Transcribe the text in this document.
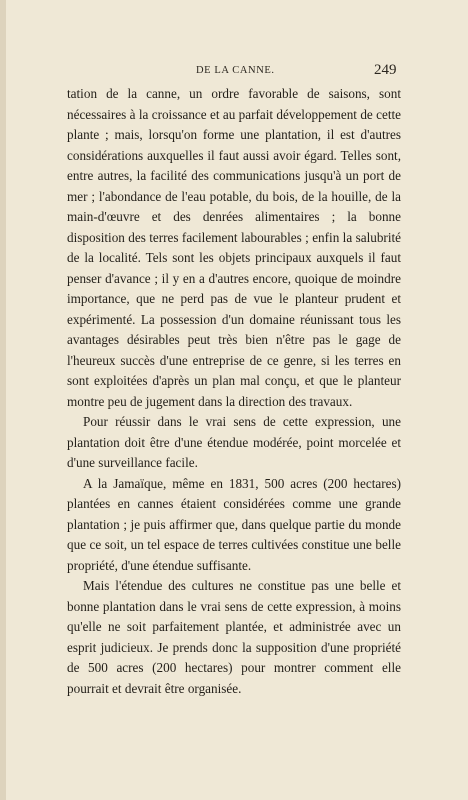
DE LA CANNE.	249

tation de la canne, un ordre favorable de saisons, sont nécessaires à la croissance et au parfait développement de cette plante ; mais, lorsqu'on forme une plantation, il est d'autres considérations auxquelles il faut aussi avoir égard. Telles sont, entre autres, la facilité des communications jusqu'à un port de mer ; l'abondance de l'eau potable, du bois, de la houille, de la main-d'œuvre et des denrées alimentaires ; la bonne disposition des terres facilement labourables ; enfin la salubrité de la localité. Tels sont les objets principaux auxquels il faut penser d'avance ; il y en a d'autres encore, quoique de moindre importance, que ne perd pas de vue le planteur prudent et expérimenté. La possession d'un domaine réunissant tous les avantages désirables peut très bien n'être pas le gage de l'heureux succès d'une entreprise de ce genre, si les terres en sont exploitées d'après un plan mal conçu, et que le planteur montre peu de jugement dans la direction des travaux.

Pour réussir dans le vrai sens de cette expression, une plantation doit être d'une étendue modérée, point morcelée et d'une surveillance facile.

A la Jamaïque, même en 1831, 500 acres (200 hectares) plantées en cannes étaient considérées comme une grande plantation ; je puis affirmer que, dans quelque partie du monde que ce soit, un tel espace de terres cultivées constitue une belle propriété, d'une étendue suffisante.

Mais l'étendue des cultures ne constitue pas une belle et bonne plantation dans le vrai sens de cette expression, à moins qu'elle ne soit parfaitement plantée, et administrée avec un esprit judicieux. Je prends donc la supposition d'une propriété de 500 acres (200 hectares) pour montrer comment elle pourrait et devrait être organisée.
